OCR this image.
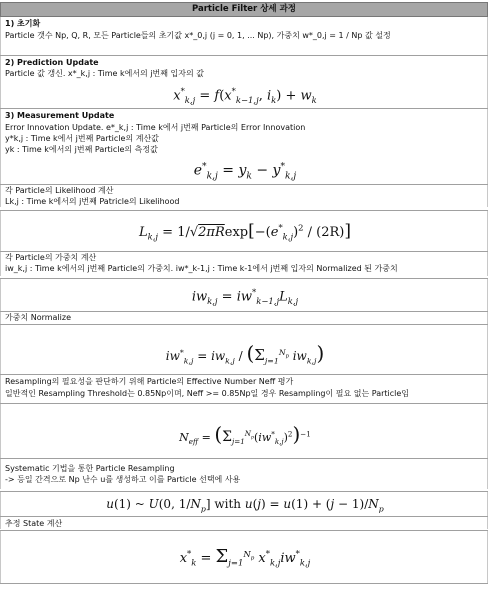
Particle Filter 상세 과정
1) 초기화
Particle 갯수 Np, Q, R, 모든 Particle들의 초기값 x*_0,j (j = 0, 1, ... Np), 가중치 w*_0,j = 1 / Np 값 설정
2) Prediction Update
Particle 값 갱신. x*_k,j : Time k에서의 j번째 입자의 값
$x^*_{k,j} = f(x^*_{k-1,j}$, $i_k) + w_k$
3) Measurement Update
Error Innovation Update. e*_k,j : Time k에서 j번째 Particle의 Error Innovation
y*k,j : Time k에서 j번째 Particle의 계산값
yk : Time k에서의 j번째 Particle의 측정값
$e^*_{k,j} = y_k - y^*_{k,j}$
각 Particle의 Likelihood 계산
Lk,j : Time k에서의 j번째 Patricle의 Likelihood
$L_{k,j} = 1/√2\pi Rexp[-(e^*_{k,j})^2 / (2R)]$
각 Particle의 가중치 계산
iw_k,j : Time k에서의 j번째 Particle의 가중치. iw*_k-1,j : Time k-1에서 j번째 입자의 Normalized 된 가중치
$iw_{k,j} = iw^*_{k-1,j}L_{k,j}$
가중치 Normalize
$iw^*_{k,j} = iw_{k,j} / (\Sigma_{j=1}^{N_p}$ $iw_{k,j}$)
Resampling의 필요성을 판단하기 위해 Particle의 Effective Number Neff 평가
일반적인 Resampling Threshold는 0.85Np이며, Neff >= 0.85Np일 경우 Resampling이 필요 없는 Particle임
$N_{eff} = (\Sigma_{j=1}^{N_p}(iw^*_{k,j})^2)^{-1}$
Systematic 기법을 통한 Particle Resampling
-> 등일 간격으로 Np 난수 u를 생성하고 이를 Particle 선택에 사용
u(1) ~ U(0, $1/N_p$] with $u(j) = u(1) + (j - 1)/N_p$
추정 State 계산
$x^*_k = \Sigma_{j=1}^{N_p}$ $x^*_{k,j}iw^*_{k,j}$
